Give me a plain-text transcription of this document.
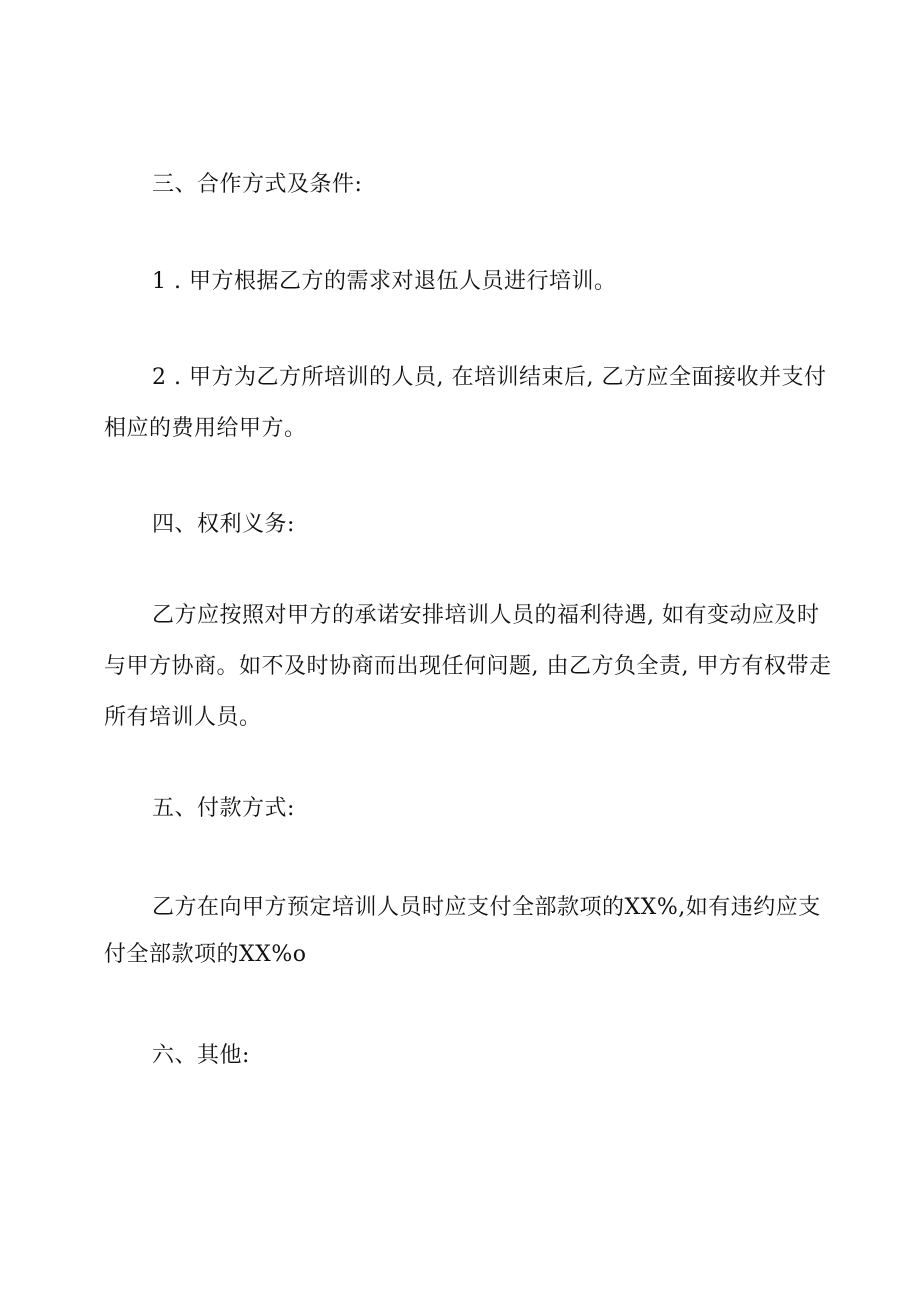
三、合作方式及条件:
1 . 甲方根据乙方的需求对退伍人员进行培训。
2 . 甲方为乙方所培训的人员, 在培训结束后, 乙方应全面接收并支付
相应的费用给甲方。
四、权利义务:
乙方应按照对甲方的承诺安排培训人员的福利待遇, 如有变动应及时
与甲方协商。如不及时协商而出现任何问题, 由乙方负全责, 甲方有权带走
所有培训人员。
五、付款方式:
乙方在向甲方预定培训人员时应支付全部款项的XX%,如有违约应支
付全部款项的XX%o
六、其他:
